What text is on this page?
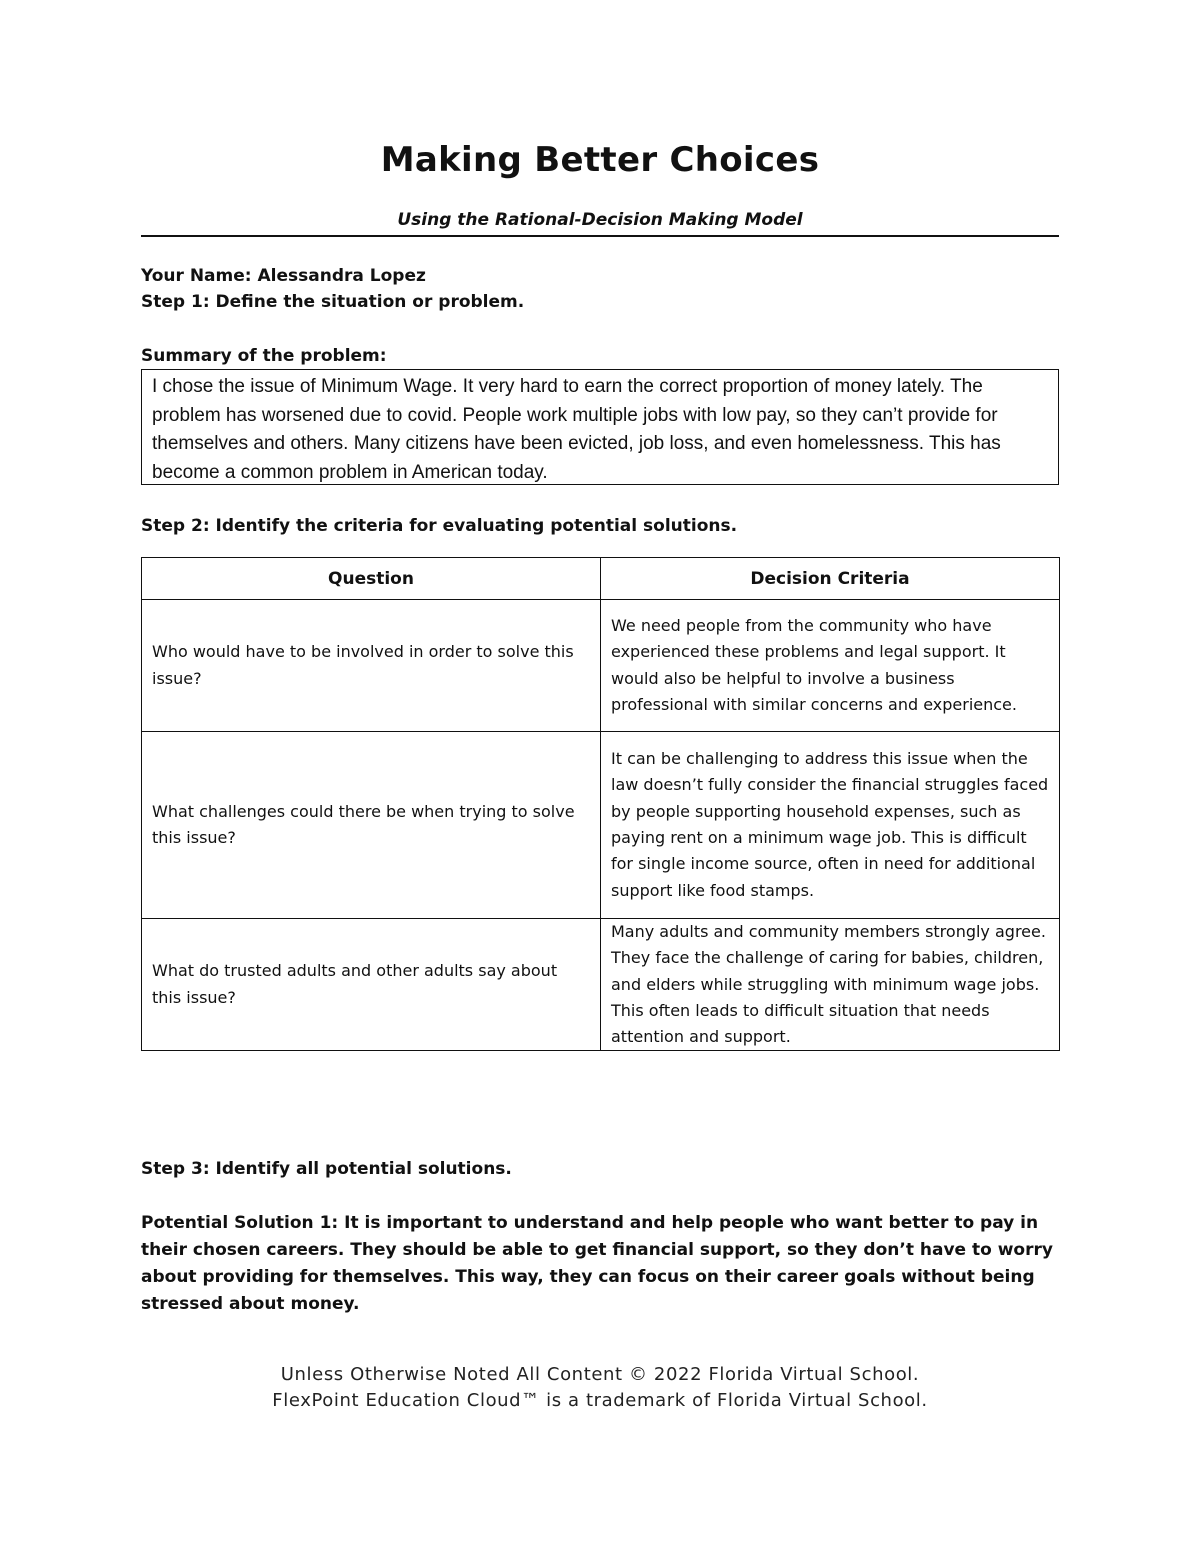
Making Better Choices
Using the Rational-Decision Making Model
Your Name: Alessandra Lopez
Step 1: Define the situation or problem.
Summary of the problem:
I chose the issue of Minimum Wage. It very hard to earn the correct proportion of money lately. The problem has worsened due to covid. People work multiple jobs with low pay, so they can’t provide for themselves and others. Many citizens have been evicted, job loss, and even homelessness. This has become a common problem in American today.
Step 2: Identify the criteria for evaluating potential solutions.
Question	Decision Criteria
Who would have to be involved in order to solve this issue?	We need people from the community who have experienced these problems and legal support. It would also be helpful to involve a business professional with similar concerns and experience.
What challenges could there be when trying to solve this issue?	It can be challenging to address this issue when the law doesn’t fully consider the financial struggles faced by people supporting household expenses, such as paying rent on a minimum wage job. This is difficult for single income source, often in need for additional support like food stamps.
What do trusted adults and other adults say about this issue?	Many adults and community members strongly agree. They face the challenge of caring for babies, children, and elders while struggling with minimum wage jobs. This often leads to difficult situation that needs attention and support.
Step 3: Identify all potential solutions.
Potential Solution 1: It is important to understand and help people who want better to pay in their chosen careers. They should be able to get financial support, so they don’t have to worry about providing for themselves. This way, they can focus on their career goals without being stressed about money.
Unless Otherwise Noted All Content © 2022 Florida Virtual School.
FlexPoint Education Cloud™ is a trademark of Florida Virtual School.
